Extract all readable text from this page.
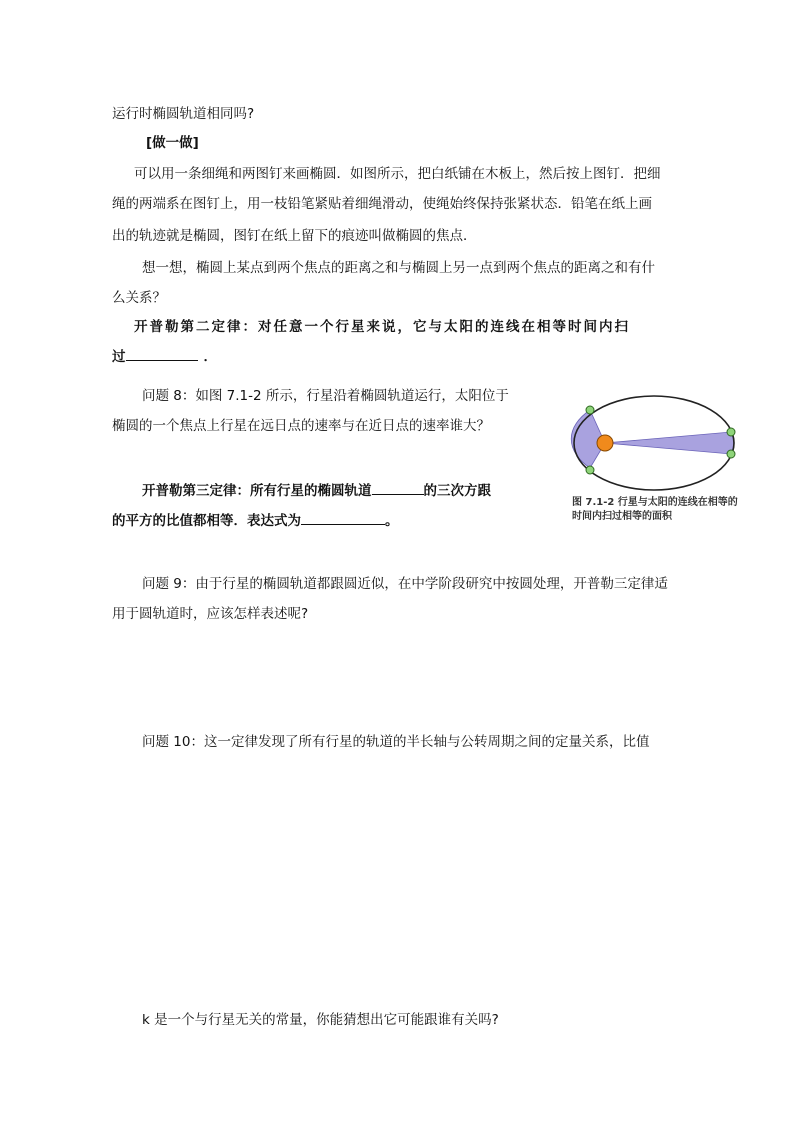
运行时椭圆轨道相同吗?
[做一做]
可以用一条细绳和两图钉来画椭圆．如图所示，把白纸铺在木板上，然后按上图钉．把细
绳的两端系在图钉上，用一枝铅笔紧贴着细绳滑动，使绳始终保持张紧状态．铅笔在纸上画
出的轨迹就是椭圆，图钉在纸上留下的痕迹叫做椭圆的焦点．
想一想，椭圆上某点到两个焦点的距离之和与椭圆上另一点到两个焦点的距离之和有什
么关系？
开普勒第二定律：对任意一个行星来说，它与太阳的连线在相等时间内扫
过	．
问题 8：如图 7.1-2 所示，行星沿着椭圆轨道运行，太阳位于
椭圆的一个焦点上行星在远日点的速率与在近日点的速率谁大？
开普勒第三定律：所有行星的椭圆轨道	的三次方跟
的平方的比值都相等．表达式为	。
问题 9：由于行星的椭圆轨道都跟圆近似，在中学阶段研究中按圆处理，开普勒三定律适
用于圆轨道时，应该怎样表述呢?
问题 10：这一定律发现了所有行星的轨道的半长轴与公转周期之间的定量关系，比值
k 是一个与行星无关的常量，你能猜想出它可能跟谁有关吗?
图 7.1-2 行星与太阳的连线在相等的时间内扫过相等的面积
